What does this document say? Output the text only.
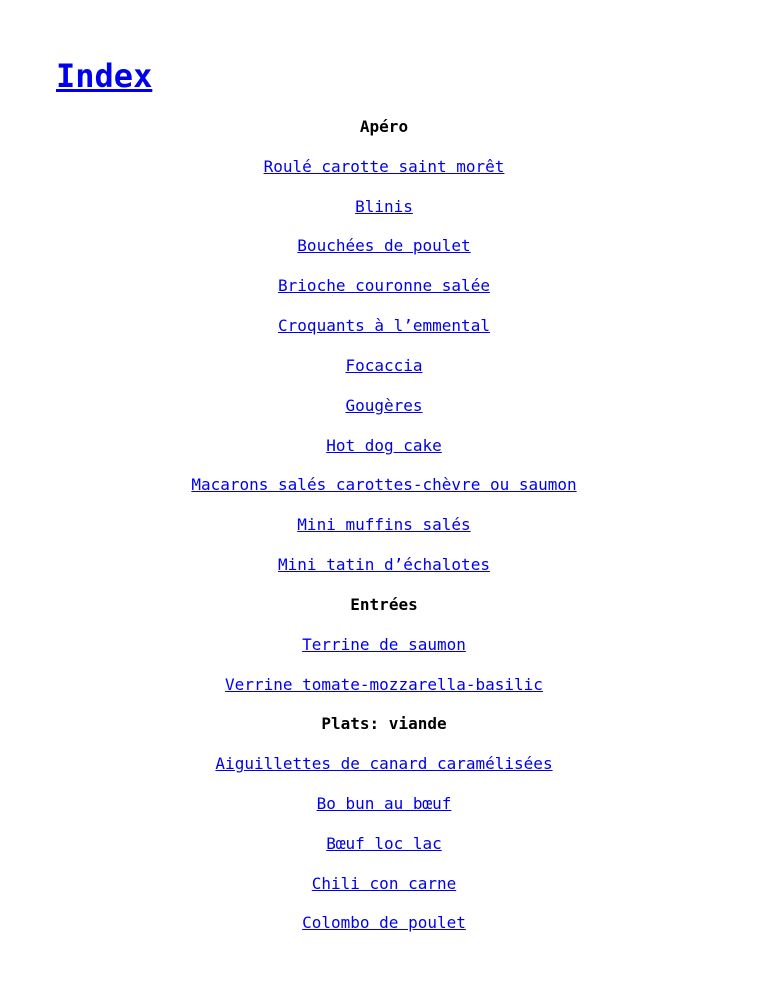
Index
Apéro
Roulé carotte saint morêt
Blinis
Bouchées de poulet
Brioche couronne salée
Croquants à l’emmental
Focaccia
Gougères
Hot dog cake
Macarons salés carottes-chèvre ou saumon
Mini muffins salés
Mini tatin d’échalotes
Entrées
Terrine de saumon
Verrine tomate-mozzarella-basilic
Plats: viande
Aiguillettes de canard caramélisées
Bo bun au bœuf
Bœuf loc lac
Chili con carne
Colombo de poulet
